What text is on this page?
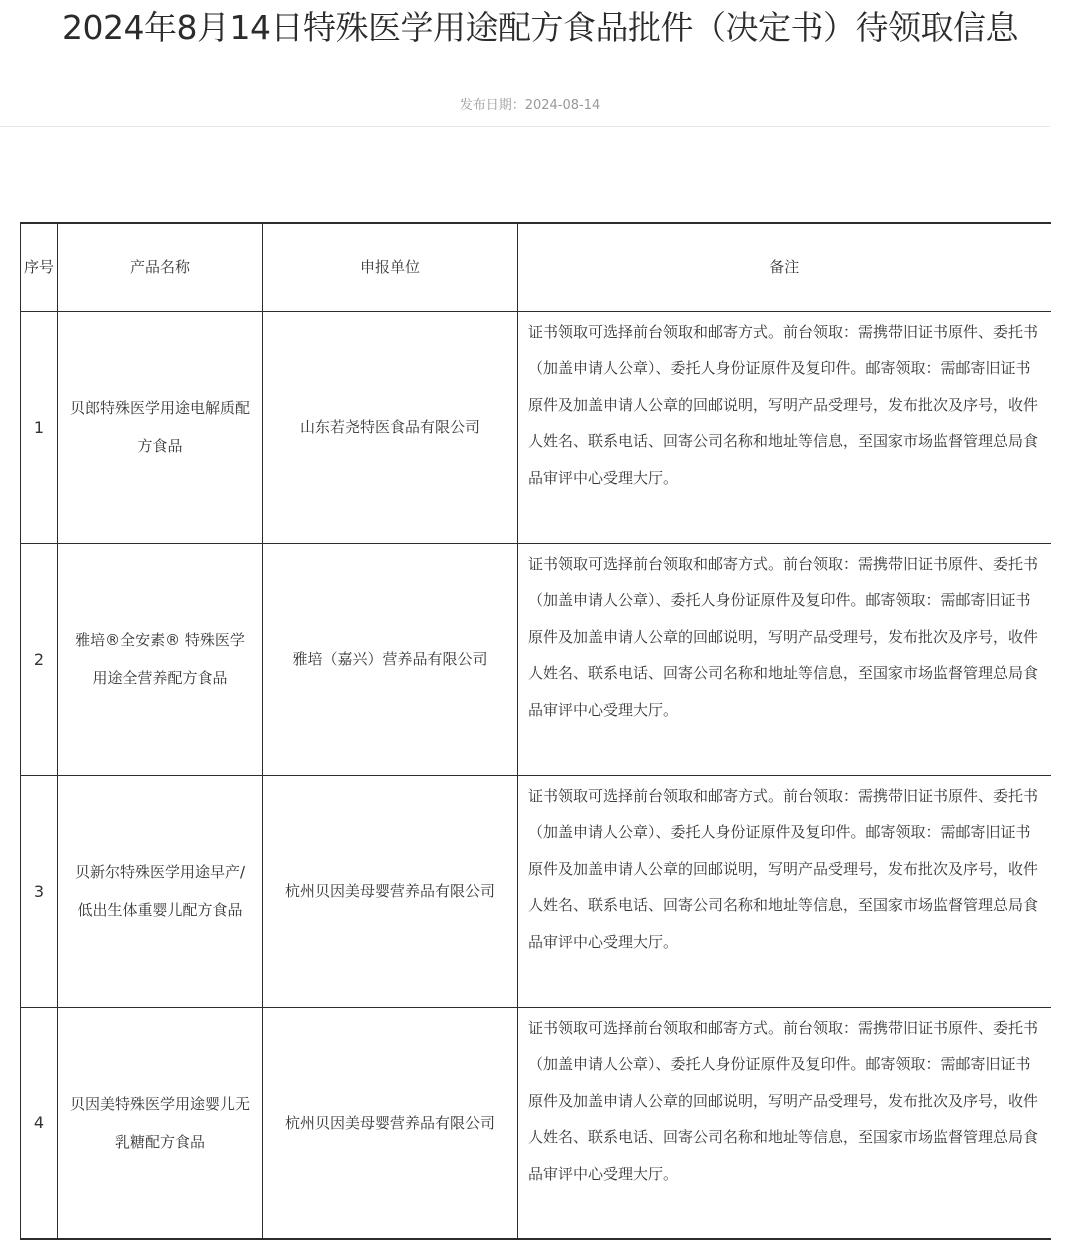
2024年8月14日特殊医学用途配方食品批件（决定书）待领取信息
发布日期：2024-08-14
序号	产品名称	申报单位	备注
1	贝郎特殊医学用途电解质配方食品	山东若尧特医食品有限公司	证书领取可选择前台领取和邮寄方式。前台领取：需携带旧证书原件、委托书（加盖申请人公章）、委托人身份证原件及复印件。邮寄领取：需邮寄旧证书原件及加盖申请人公章的回邮说明，写明产品受理号，发布批次及序号，收件人姓名、联系电话、回寄公司名称和地址等信息，至国家市场监督管理总局食品审评中心受理大厅。

2	雅培®全安素® 特殊医学用途全营养配方食品	雅培（嘉兴）营养品有限公司	证书领取可选择前台领取和邮寄方式。前台领取：需携带旧证书原件、委托书（加盖申请人公章）、委托人身份证原件及复印件。邮寄领取：需邮寄旧证书原件及加盖申请人公章的回邮说明，写明产品受理号，发布批次及序号，收件人姓名、联系电话、回寄公司名称和地址等信息，至国家市场监督管理总局食品审评中心受理大厅。

3	贝新尔特殊医学用途早产/低出生体重婴儿配方食品	杭州贝因美母婴营养品有限公司	证书领取可选择前台领取和邮寄方式。前台领取：需携带旧证书原件、委托书（加盖申请人公章）、委托人身份证原件及复印件。邮寄领取：需邮寄旧证书原件及加盖申请人公章的回邮说明，写明产品受理号，发布批次及序号，收件人姓名、联系电话、回寄公司名称和地址等信息，至国家市场监督管理总局食品审评中心受理大厅。

4	贝因美特殊医学用途婴儿无乳糖配方食品	杭州贝因美母婴营养品有限公司	证书领取可选择前台领取和邮寄方式。前台领取：需携带旧证书原件、委托书（加盖申请人公章）、委托人身份证原件及复印件。邮寄领取：需邮寄旧证书原件及加盖申请人公章的回邮说明，写明产品受理号，发布批次及序号，收件人姓名、联系电话、回寄公司名称和地址等信息，至国家市场监督管理总局食品审评中心受理大厅。
